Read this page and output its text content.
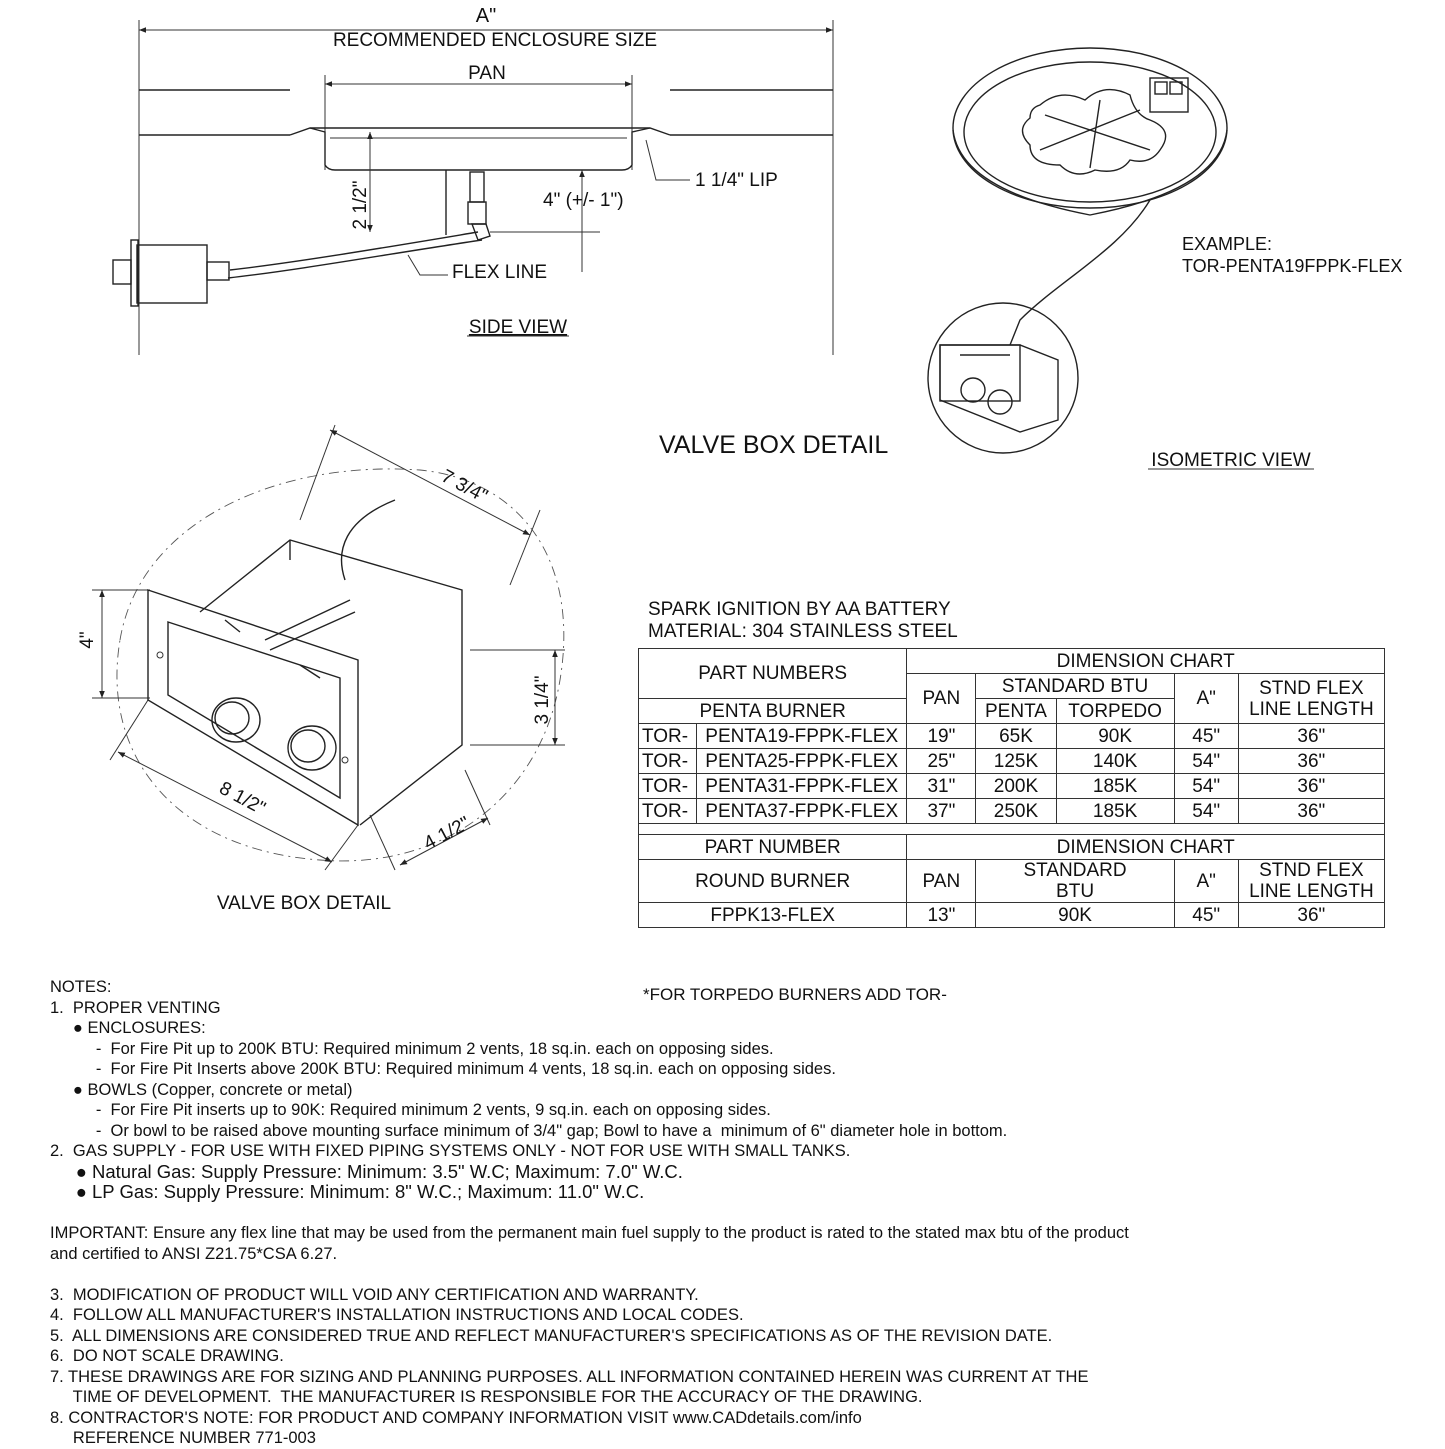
A"
RECOMMENDED ENCLOSURE SIZE
PAN
1 1/4" LIP
2 1/2"	4" (+/- 1")
FLEX LINE
SIDE VIEW
EXAMPLE:
TOR-PENTA19FPPK-FLEX
VALVE BOX DETAIL
ISOMETRIC VIEW
7 3/4"
4"
3 1/4"
8 1/2"
4 1/2"
VALVE BOX DETAIL
SPARK IGNITION BY AA BATTERY
MATERIAL: 304 STAINLESS STEEL
PART NUMBERS		DIMENSION CHART				
		PAN	STANDARD BTU		A"	STND FLEX
LINE LENGTH
PENTA BURNER			PENTA	TORPEDO		
TOR-	PENTA19-FPPK-FLEX	19"	65K	90K	45"	36"
TOR-	PENTA25-FPPK-FLEX	25"	125K	140K	54"	36"
TOR-	PENTA31-FPPK-FLEX	31"	200K	185K	54"	36"
TOR-	PENTA37-FPPK-FLEX	37"	250K	185K	54"	36"

PART NUMBER		DIMENSION CHART				
		PAN	STANDARD
BTU		A"	STND FLEX
LINE LENGTH
ROUND BURNER						
FPPK13-FLEX		13"	90K		45"	36"
*FOR TORPEDO BURNERS ADD TOR-
NOTES:
1.  PROPER VENTING
● ENCLOSURES:
-  For Fire Pit up to 200K BTU: Required minimum 2 vents, 18 sq.in. each on opposing sides.
-  For Fire Pit Inserts above 200K BTU: Required minimum 4 vents, 18 sq.in. each on opposing sides.
● BOWLS (Copper, concrete or metal)
-  For Fire Pit inserts up to 90K: Required minimum 2 vents, 9 sq.in. each on opposing sides.
-  Or bowl to be raised above mounting surface minimum of 3/4" gap; Bowl to have a  minimum of 6" diameter hole in bottom.
2.  GAS SUPPLY - FOR USE WITH FIXED PIPING SYSTEMS ONLY - NOT FOR USE WITH SMALL TANKS.
● Natural Gas: Supply Pressure: Minimum: 3.5" W.C; Maximum: 7.0" W.C.
● LP Gas: Supply Pressure: Minimum: 8" W.C.; Maximum: 11.0" W.C.

IMPORTANT: Ensure any flex line that may be used from the permanent main fuel supply to the product is rated to the stated max btu of the product
and certified to ANSI Z21.75*CSA 6.27.

3.  MODIFICATION OF PRODUCT WILL VOID ANY CERTIFICATION AND WARRANTY.
4.  FOLLOW ALL MANUFACTURER'S INSTALLATION INSTRUCTIONS AND LOCAL CODES.
5.  ALL DIMENSIONS ARE CONSIDERED TRUE AND REFLECT MANUFACTURER'S SPECIFICATIONS AS OF THE REVISION DATE.
6.  DO NOT SCALE DRAWING.
7. THESE DRAWINGS ARE FOR SIZING AND PLANNING PURPOSES. ALL INFORMATION CONTAINED HEREIN WAS CURRENT AT THE
TIME OF DEVELOPMENT.  THE MANUFACTURER IS RESPONSIBLE FOR THE ACCURACY OF THE DRAWING.
8. CONTRACTOR'S NOTE: FOR PRODUCT AND COMPANY INFORMATION VISIT www.CADdetails.com/info
REFERENCE NUMBER 771-003
